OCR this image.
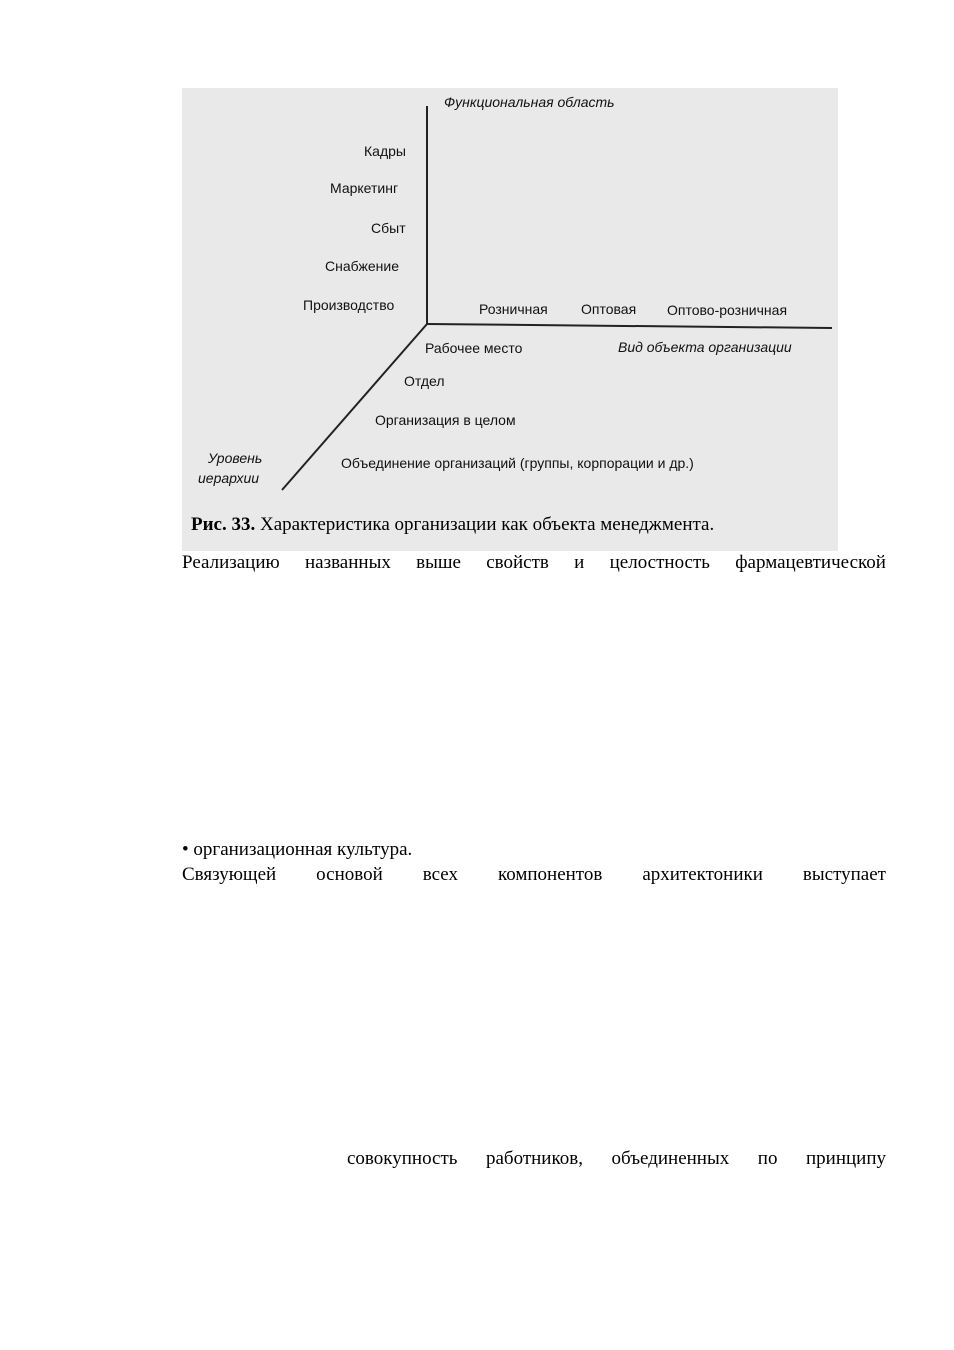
Функциональная область
Кадры
Маркетинг
Сбыт
Снабжение
Производство	Розничная Оптовая Оптово-розничная
Рабочее место	Вид объекта организации
Отдел
Организация в целом
Уровень
иерархии
Объединение организаций (группы, корпорации и др.)
Рис. 33. Характеристика организации как объекта менеджмента.
Реализацию названных выше свойств и целостность фармацевтической
• организационная культура.
Связующей основой всех компонентов архитектоники выступает
совокупность работников, объединенных по принципу
